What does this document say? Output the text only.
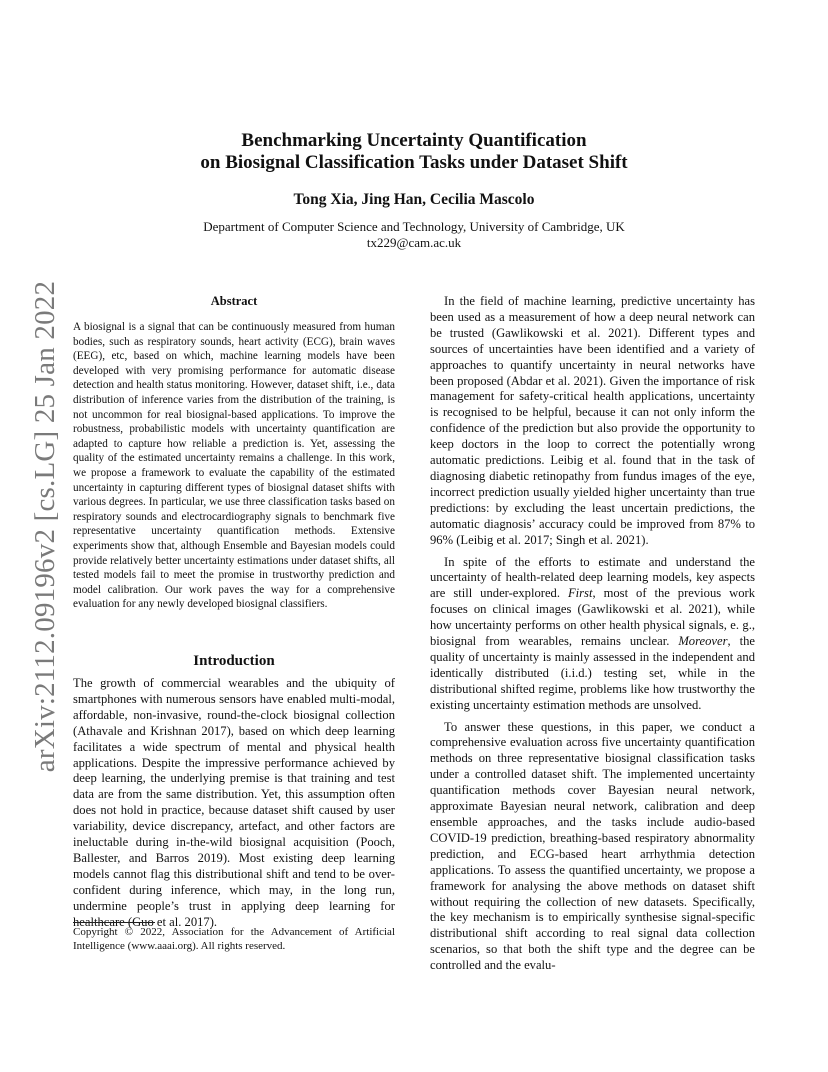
arXiv:2112.09196v2 [cs.LG] 25 Jan 2022
Benchmarking Uncertainty Quantification
on Biosignal Classification Tasks under Dataset Shift
Tong Xia, Jing Han, Cecilia Mascolo
Department of Computer Science and Technology, University of Cambridge, UK
tx229@cam.ac.uk
Abstract

A biosignal is a signal that can be continuously measured from human bodies, such as respiratory sounds, heart activity (ECG), brain waves (EEG), etc, based on which, machine learning models have been developed with very promising performance for automatic disease detection and health status monitoring. However, dataset shift, i.e., data distribution of inference varies from the distribution of the training, is not uncommon for real biosignal-based applications. To improve the robustness, probabilistic models with uncertainty quantification are adapted to capture how reliable a prediction is. Yet, assessing the quality of the estimated uncertainty remains a challenge. In this work, we propose a framework to evaluate the capability of the estimated uncertainty in capturing different types of biosignal dataset shifts with various degrees. In particular, we use three classification tasks based on respiratory sounds and electrocardiography signals to benchmark five representative uncertainty quantification methods. Extensive experiments show that, although Ensemble and Bayesian models could provide relatively better uncertainty estimations under dataset shifts, all tested models fail to meet the promise in trustworthy prediction and model calibration. Our work paves the way for a comprehensive evaluation for any newly developed biosignal classifiers.

Introduction

The growth of commercial wearables and the ubiquity of smartphones with numerous sensors have enabled multi-modal, affordable, non-invasive, round-the-clock biosignal collection (Athavale and Krishnan 2017), based on which deep learning facilitates a wide spectrum of mental and physical health applications. Despite the impressive performance achieved by deep learning, the underlying premise is that training and test data are from the same distribution. Yet, this assumption often does not hold in practice, because dataset shift caused by user variability, device discrepancy, artefact, and other factors are ineluctable during in-the-wild biosignal acquisition (Pooch, Ballester, and Barros 2019). Most existing deep learning models cannot flag this distributional shift and tend to be over-confident during inference, which may, in the long run, undermine people’s trust in applying deep learning for healthcare (Guo et al. 2017).

Copyright © 2022, Association for the Advancement of Artificial Intelligence (www.aaai.org). All rights reserved.

In the field of machine learning, predictive uncertainty has been used as a measurement of how a deep neural network can be trusted (Gawlikowski et al. 2021). Different types and sources of uncertainties have been identified and a variety of approaches to quantify uncertainty in neural networks have been proposed (Abdar et al. 2021). Given the importance of risk management for safety-critical health applications, uncertainty is recognised to be helpful, because it can not only inform the confidence of the prediction but also provide the opportunity to keep doctors in the loop to correct the potentially wrong automatic predictions. Leibig et al. found that in the task of diagnosing diabetic retinopathy from fundus images of the eye, incorrect prediction usually yielded higher uncertainty than true predictions: by excluding the least uncertain predictions, the automatic diagnosis’ accuracy could be improved from 87% to 96% (Leibig et al. 2017; Singh et al. 2021).

In spite of the efforts to estimate and understand the uncertainty of health-related deep learning models, key aspects are still under-explored. First, most of the previous work focuses on clinical images (Gawlikowski et al. 2021), while how uncertainty performs on other health physical signals, e. g., biosignal from wearables, remains unclear. Moreover, the quality of uncertainty is mainly assessed in the independent and identically distributed (i.i.d.) testing set, while in the distributional shifted regime, problems like how trustworthy the existing uncertainty estimation methods are unsolved.

To answer these questions, in this paper, we conduct a comprehensive evaluation across five uncertainty quantification methods on three representative biosignal classification tasks under a controlled dataset shift. The implemented uncertainty quantification methods cover Bayesian neural network, approximate Bayesian neural network, calibration and deep ensemble approaches, and the tasks include audio-based COVID-19 prediction, breathing-based respiratory abnormality prediction, and ECG-based heart arrhythmia detection applications. To assess the quantified uncertainty, we propose a framework for analysing the above methods on dataset shift without requiring the collection of new datasets. Specifically, the key mechanism is to empirically synthesise signal-specific distributional shift according to real signal data collection scenarios, so that both the shift type and the degree can be controlled and the evalu-
